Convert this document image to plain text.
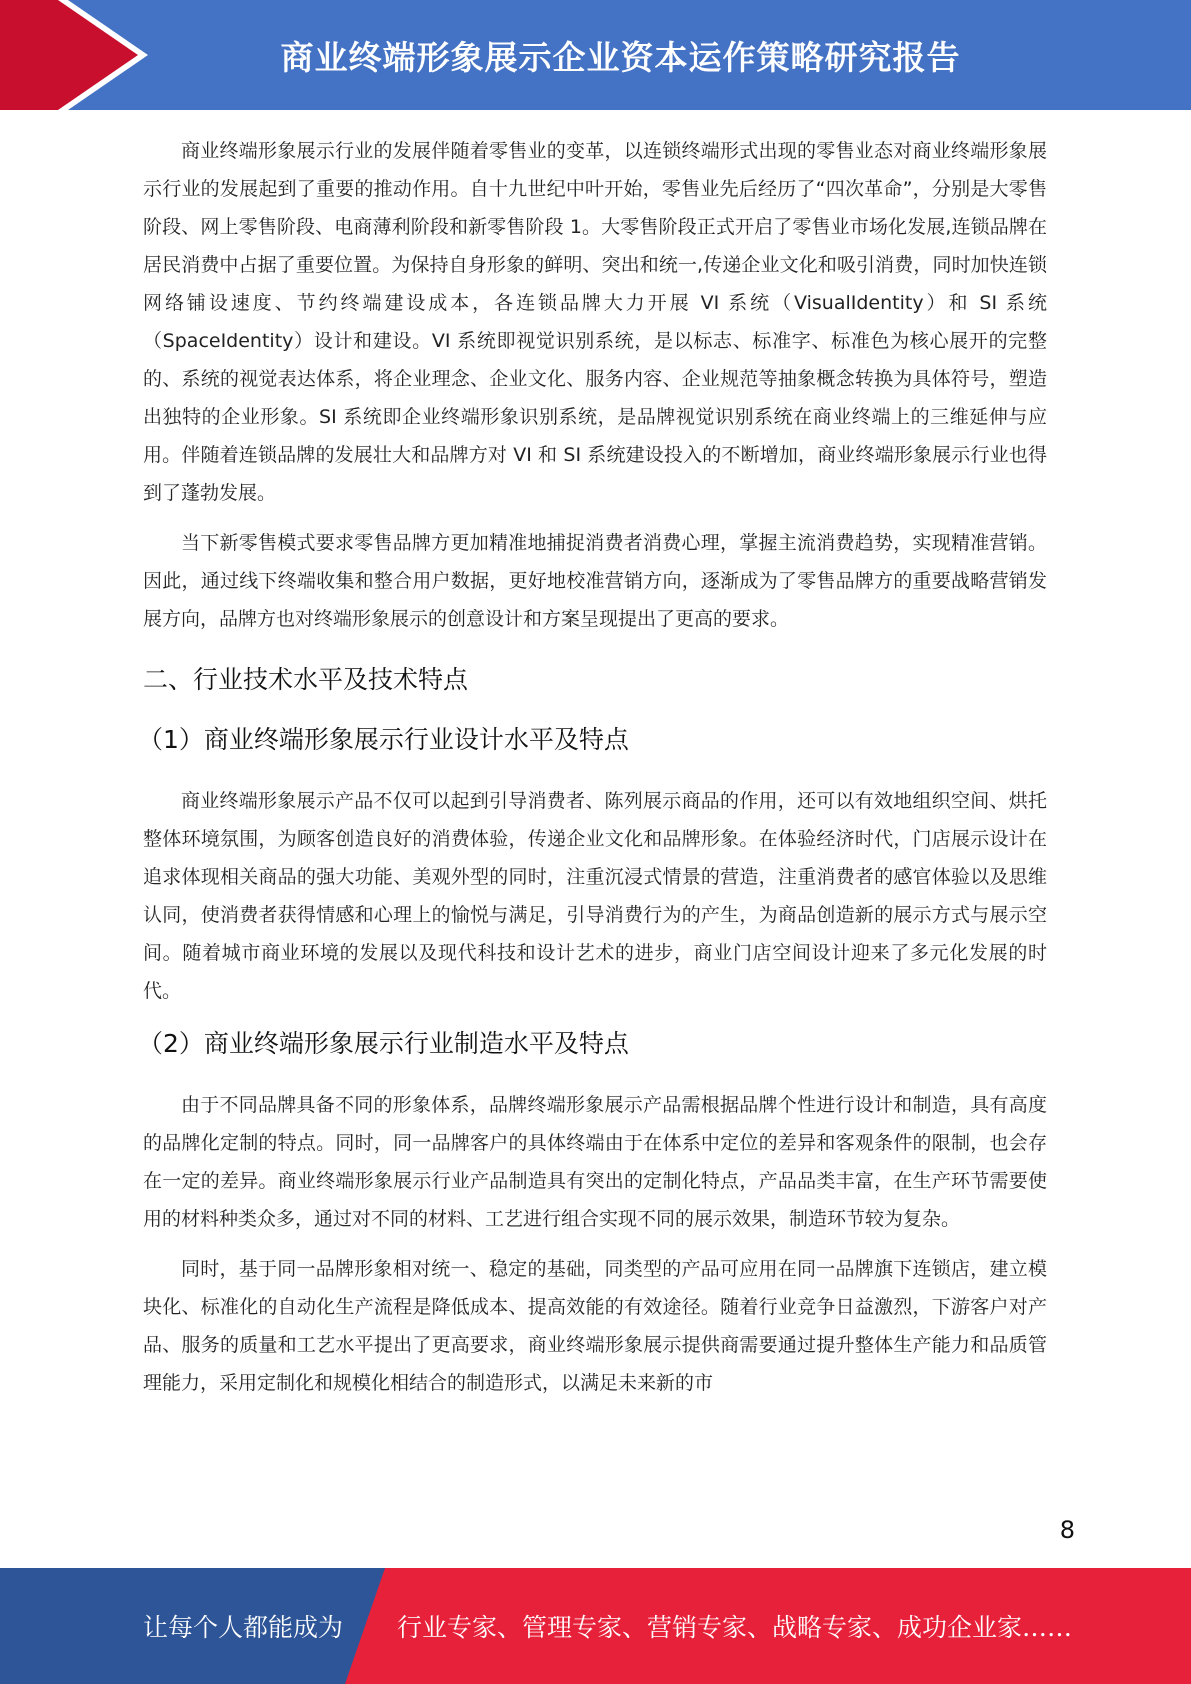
商业终端形象展示企业资本运作策略研究报告

商业终端形象展示行业的发展伴随着零售业的变革，以连锁终端形式出现的零售业态对商业终端形象展示行业的发展起到了重要的推动作用。自十九世纪中叶开始，零售业先后经历了“四次革命”，分别是大零售阶段、网上零售阶段、电商薄利阶段和新零售阶段 1。大零售阶段正式开启了零售业市场化发展,连锁品牌在居民消费中占据了重要位置。为保持自身形象的鲜明、突出和统一,传递企业文化和吸引消费，同时加快连锁网络铺设速度、节约终端建设成本，各连锁品牌大力开展 VI 系统（VisualIdentity）和 SI 系统（SpaceIdentity）设计和建设。VI 系统即视觉识别系统，是以标志、标准字、标准色为核心展开的完整的、系统的视觉表达体系，将企业理念、企业文化、服务内容、企业规范等抽象概念转换为具体符号，塑造出独特的企业形象。SI 系统即企业终端形象识别系统，是品牌视觉识别系统在商业终端上的三维延伸与应用。伴随着连锁品牌的发展壮大和品牌方对 VI 和 SI 系统建设投入的不断增加，商业终端形象展示行业也得到了蓬勃发展。

当下新零售模式要求零售品牌方更加精准地捕捉消费者消费心理，掌握主流消费趋势，实现精准营销。因此，通过线下终端收集和整合用户数据，更好地校准营销方向，逐渐成为了零售品牌方的重要战略营销发展方向，品牌方也对终端形象展示的创意设计和方案呈现提出了更高的要求。

二、行业技术水平及技术特点
（1）商业终端形象展示行业设计水平及特点

商业终端形象展示产品不仅可以起到引导消费者、陈列展示商品的作用，还可以有效地组织空间、烘托整体环境氛围，为顾客创造良好的消费体验，传递企业文化和品牌形象。在体验经济时代，门店展示设计在追求体现相关商品的强大功能、美观外型的同时，注重沉浸式情景的营造，注重消费者的感官体验以及思维认同，使消费者获得情感和心理上的愉悦与满足，引导消费行为的产生，为商品创造新的展示方式与展示空间。随着城市商业环境的发展以及现代科技和设计艺术的进步，商业门店空间设计迎来了多元化发展的时代。

（2）商业终端形象展示行业制造水平及特点

由于不同品牌具备不同的形象体系，品牌终端形象展示产品需根据品牌个性进行设计和制造，具有高度的品牌化定制的特点。同时，同一品牌客户的具体终端由于在体系中定位的差异和客观条件的限制，也会存在一定的差异。商业终端形象展示行业产品制造具有突出的定制化特点，产品品类丰富，在生产环节需要使用的材料种类众多，通过对不同的材料、工艺进行组合实现不同的展示效果，制造环节较为复杂。

同时，基于同一品牌形象相对统一、稳定的基础，同类型的产品可应用在同一品牌旗下连锁店，建立模块化、标准化的自动化生产流程是降低成本、提高效能的有效途径。随着行业竞争日益激烈，下游客户对产品、服务的质量和工艺水平提出了更高要求，商业终端形象展示提供商需要通过提升整体生产能力和品质管理能力，采用定制化和规模化相结合的制造形式，以满足未来新的市

8
让每个人都能成为 行业专家、管理专家、营销专家、战略专家、成功企业家……
